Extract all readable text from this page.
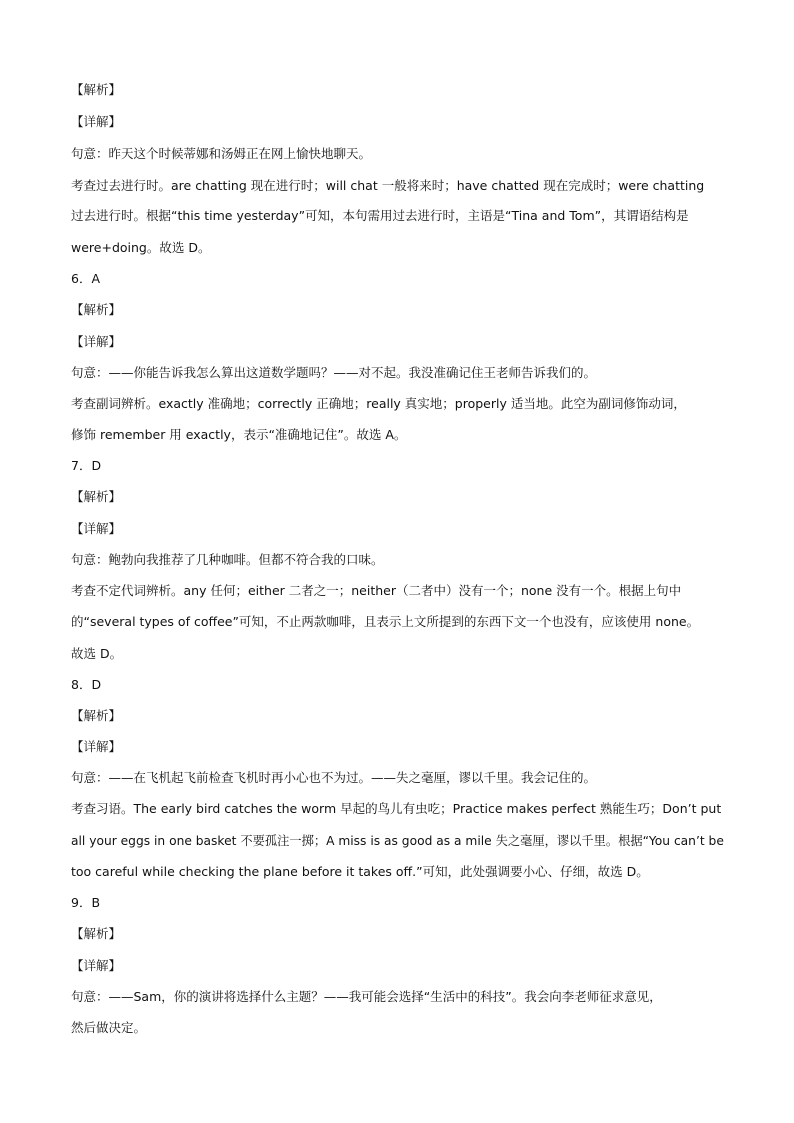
【解析】
【详解】
句意：昨天这个时候蒂娜和汤姆正在网上愉快地聊天。
考查过去进行时。are chatting 现在进行时；will chat 一般将来时；have chatted 现在完成时；were chatting
过去进行时。根据“this time yesterday”可知，本句需用过去进行时，主语是“Tina and Tom”，其谓语结构是
were+doing。故选 D。
6．A
【解析】
【详解】
句意：——你能告诉我怎么算出这道数学题吗？——对不起。我没准确记住王老师告诉我们的。
考查副词辨析。exactly 准确地；correctly 正确地；really 真实地；properly 适当地。此空为副词修饰动词，
修饰 remember 用 exactly，表示“准确地记住”。故选 A。
7．D
【解析】
【详解】
句意：鲍勃向我推荐了几种咖啡。但都不符合我的口味。
考查不定代词辨析。any 任何；either 二者之一；neither（二者中）没有一个；none 没有一个。根据上句中
的“several types of coffee”可知，不止两款咖啡，且表示上文所提到的东西下文一个也没有，应该使用 none。
故选 D。
8．D
【解析】
【详解】
句意：——在飞机起飞前检查飞机时再小心也不为过。——失之毫厘，谬以千里。我会记住的。
考查习语。The early bird catches the worm 早起的鸟儿有虫吃；Practice makes perfect 熟能生巧；Don’t put
all your eggs in one basket 不要孤注一掷；A miss is as good as a mile 失之毫厘，谬以千里。根据“You can’t be
too careful while checking the plane before it takes off.”可知，此处强调要小心、仔细，故选 D。
9．B
【解析】
【详解】
句意：——Sam，你的演讲将选择什么主题？——我可能会选择“生活中的科技”。我会向李老师征求意见，
然后做决定。
